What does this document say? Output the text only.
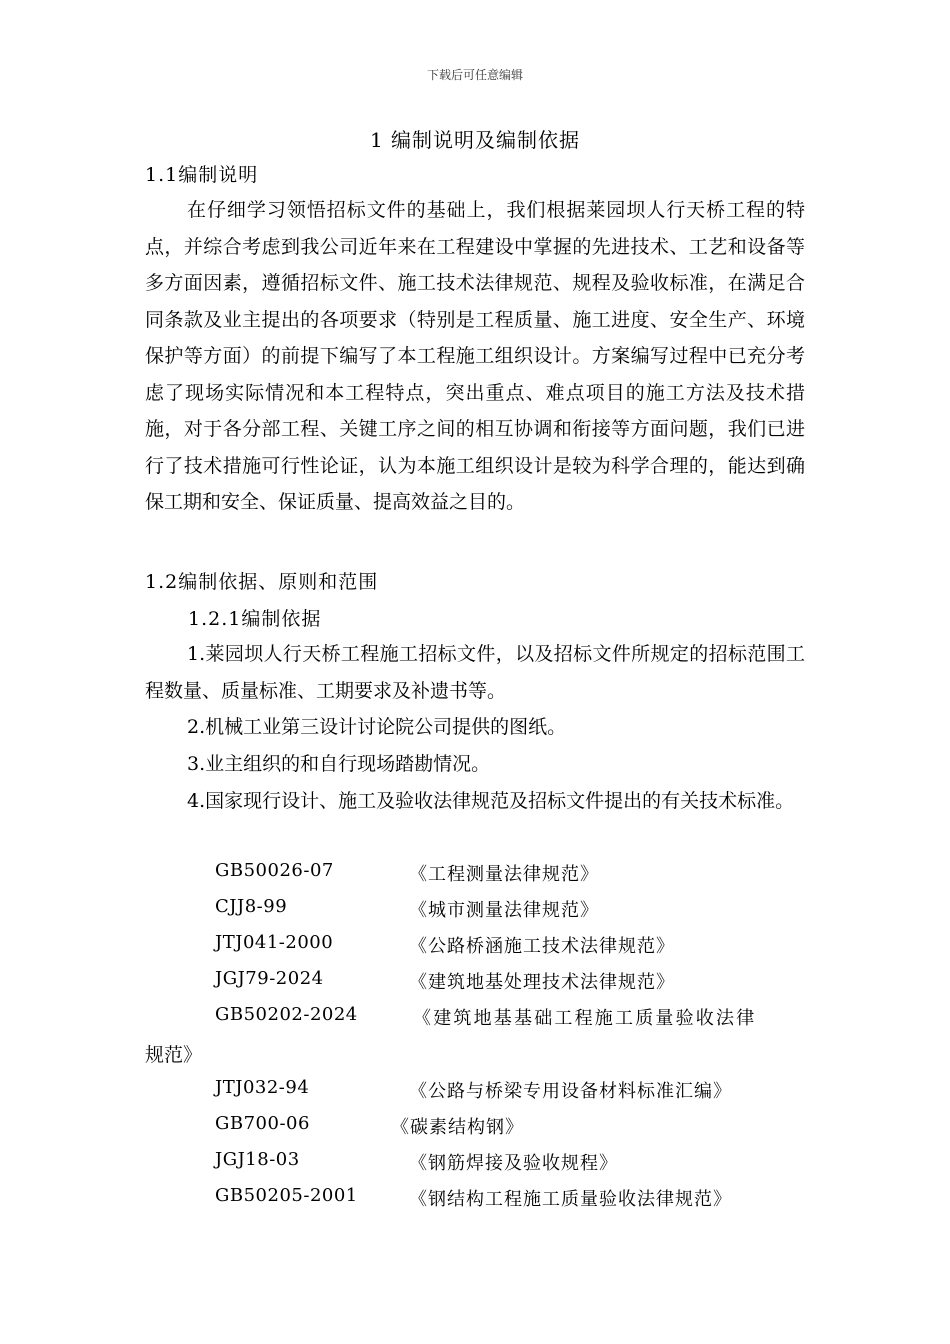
下载后可任意编辑
1 编制说明及编制依据
1.1编制说明
在仔细学习领悟招标文件的基础上，我们根据莱园坝人行天桥工程的特点，并综合考虑到我公司近年来在工程建设中掌握的先进技术、工艺和设备等多方面因素，遵循招标文件、施工技术法律规范、规程及验收标准，在满足合同条款及业主提出的各项要求（特别是工程质量、施工进度、安全生产、环境保护等方面）的前提下编写了本工程施工组织设计。方案编写过程中已充分考虑了现场实际情况和本工程特点，突出重点、难点项目的施工方法及技术措施，对于各分部工程、关键工序之间的相互协调和衔接等方面问题，我们已进行了技术措施可行性论证，认为本施工组织设计是较为科学合理的，能达到确保工期和安全、保证质量、提高效益之目的。
1.2编制依据、原则和范围
1.2.1编制依据
1.莱园坝人行天桥工程施工招标文件，以及招标文件所规定的招标范围工程数量、质量标准、工期要求及补遗书等。
2.机械工业第三设计讨论院公司提供的图纸。
3.业主组织的和自行现场踏勘情况。
4.国家现行设计、施工及验收法律规范及招标文件提出的有关技术标准。
GB50026-07	《工程测量法律规范》
CJJ8-99	《城市测量法律规范》
JTJ041-2000	《公路桥涵施工技术法律规范》
JGJ79-2024	《建筑地基处理技术法律规范》
GB50202-2024	《建筑地基基础工程施工质量验收法律
规范》
JTJ032-94	《公路与桥梁专用设备材料标准汇编》
GB700-06	《碳素结构钢》
JGJ18-03	《钢筋焊接及验收规程》
GB50205-2001	《钢结构工程施工质量验收法律规范》
